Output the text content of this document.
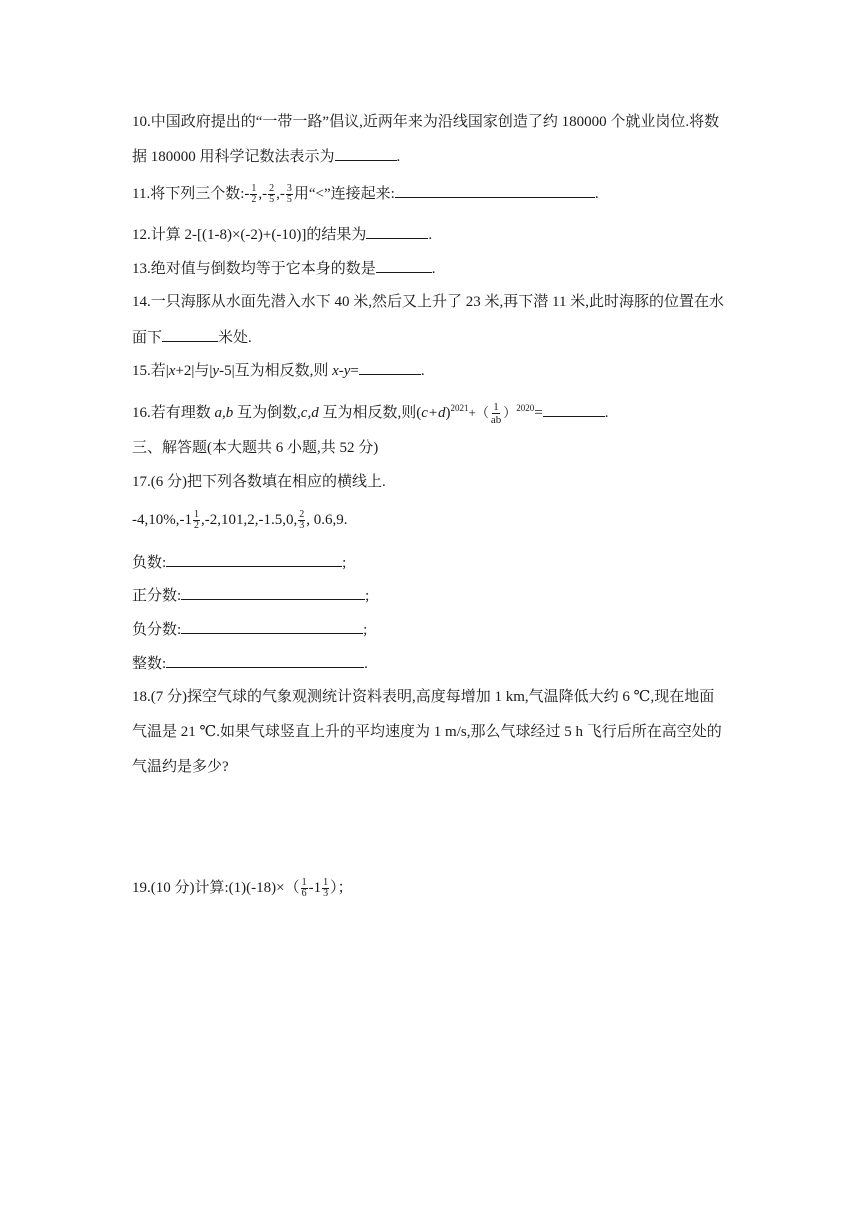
10.中国政府提出的“一带一路”倡议,近两年来为沿线国家创造了约 180000 个就业岗位.将数
据 180000 用科学记数法表示为	.
11.将下列三个数:- $\frac{1}{2}$ ,- $\frac{2}{5}$ ,- $\frac{3}{5}$ 用“<”连接起来:	.
12.计算 2-[(1-8)×(-2)+(-10)]的结果为	.
13.绝对值与倒数均等于它本身的数是	.
14.一只海豚从水面先潜入水下 40 米,然后又上升了 23 米,再下潜 11 米,此时海豚的位置在水
面下	米处.
15.若|x+2|与|y-5|互为相反数,则 x-y=	.
16.若有理数 a,b 互为倒数,c,d 互为相反数,则$(c+d)^{2021}+( \frac{1}{ab} )^{2020}=$	.
三、解答题(本大题共 6 小题,共 52 分)
17.(6 分)把下列各数填在相应的横线上.
$-4,10\%,-1 \frac{1}{2} ,-2,101,2,-1.5,0$, $\frac{2}{3}$ , 0.6,9.
负数:	;
正分数:	;
负分数:	;
整数:	.
18.(7 分)探空气球的气象观测统计资料表明,高度每增加 1 km,气温降低大约 6 ℃,现在地面
气温是 21 ℃.如果气球竖直上升的平均速度为 1 m/s,那么气球经过 5 h 飞行后所在高空处的
气温约是多少?
19.(10 分)计算:(1)(-18)×（ $\frac{1}{6} -1 \frac{1}{3}$ ）；
